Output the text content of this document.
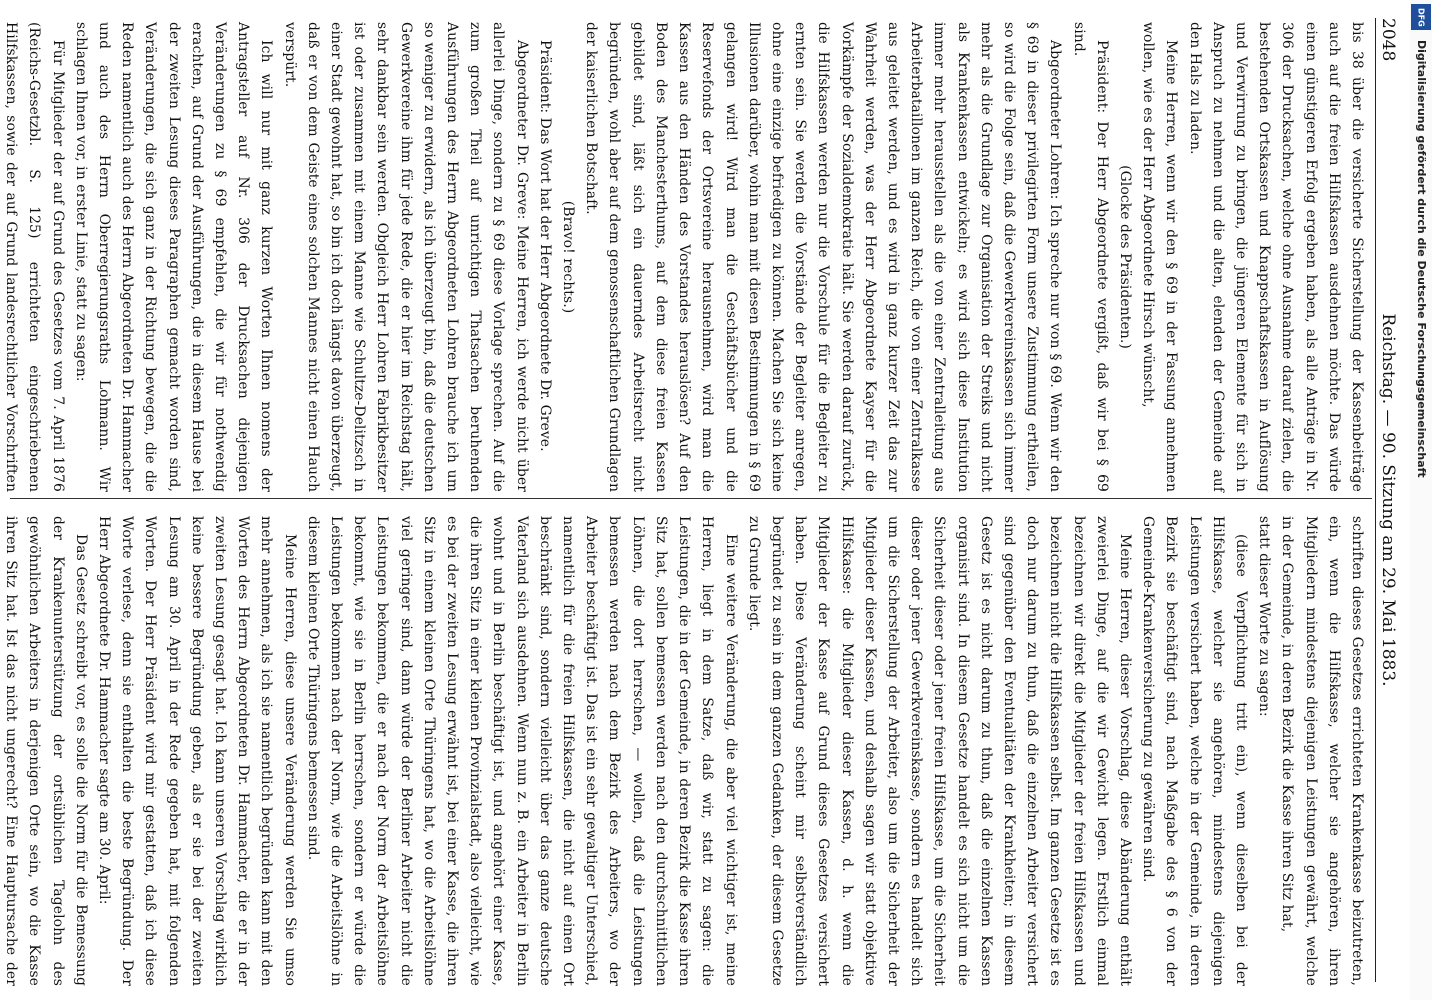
2048
Reichstag. — 90. Sitzung am 29. Mai 1883.

bis 38 über die versicherte Sicherstellung der Kassenbeiträge auch auf die freien Hilfskassen ausdehnen möchte. Das würde einen günstigeren Erfolg ergeben haben, als alle Anträge in Nr. 306 der Drucksachen, welche ohne Ausnahme darauf zielen, die bestehenden Ortskassen und Knappschaftskassen in Auflösung und Verwirrung zu bringen, die jüngeren Elemente für sich in Anspruch zu nehmen und die alten, elenden der Gemeinde auf den Hals zu laden.

Meine Herren, wenn wir den § 69 in der Fassung annehmen wollen, wie es der Herr Abgeordnete Hirsch wünscht,

(Glocke des Präsidenten.)

Präsident: Der Herr Abgeordnete vergißt, daß wir bei § 69 sind.

Abgeordneter Lohren: Ich spreche nur von § 69. Wenn wir den § 69 in dieser privilegirten Form unsere Zustimmung ertheilen, so wird die Folge sein, daß die Gewerkvereinskassen sich immer mehr als die Grundlage zur Organisation der Streiks und nicht als Krankenkassen entwickeln; es wird sich diese Institution immer mehr herausstellen als die von einer Zentralleitung aus Arbeiterbataillonen im ganzen Reich, die von einer Zentralkasse aus geleitet werden, und es wird in ganz kurzer Zeit das zur Wahrheit werden, was der Herr Abgeordnete Kayser für die Vorkämpfe der Sozialdemokratie hält. Sie werden darauf zurück, die Hilfskassen werden nur die Vorschule für die Begleiter zu ernten sein. Sie werden die Vorstände der Begleiter anregen, ohne eine einzige befriedigen zu können. Machen Sie sich keine Illusionen darüber, wohin man mit diesen Bestimmungen in § 69 gelangen wird! Wird man die Geschäftsbücher und die Reservefonds der Ortsvereine herausnehmen, wird man die Kassen aus den Händen des Vorstandes herauslösen? Auf den Boden des Manchesterthums, auf dem diese freien Kassen gebildet sind, läßt sich ein dauerndes Arbeitsrecht nicht begründen, wohl aber auf dem genossenschaftlichen Grundlagen der kaiserlichen Botschaft.

(Bravo! rechts.)

Präsident: Das Wort hat der Herr Abgeordnete Dr. Greve.

Abgeordneter Dr. Greve: Meine Herren, ich werde nicht über allerlei Dinge, sondern zu § 69 diese Vorlage sprechen. Auf die zum großen Theil auf unrichtigen Thatsachen beruhenden Ausführungen des Herrn Abgeordneten Lohren brauche ich um so weniger zu erwidern, als ich überzeugt bin, daß die deutschen Gewerkvereine ihm für jede Rede, die er hier im Reichstag hält, sehr dankbar sein werden. Obgleich Herr Lohren Fabrikbesitzer ist oder zusammen mit einem Manne wie Schultze-Delitzsch in einer Stadt gewohnt hat, so bin ich doch längst davon überzeugt, daß er von dem Geiste eines solchen Mannes nicht einen Hauch verspürt.

Ich will nur mit ganz kurzen Worten Ihnen nomens der Antragsteller auf Nr. 306 der Drucksachen diejenigen Veränderungen zu § 69 empfehlen, die wir für nothwendig erachten, auf Grund der Ausführungen, die in diesem Hause bei der zweiten Lesung dieses Paragraphen gemacht worden sind, Veränderungen, die sich ganz in der Richtung bewegen, die die Reden namentlich auch des Herrn Abgeordneten Dr. Hammacher und auch des Herrn Oberregierungsraths Lohmann. Wir schlagen Ihnen vor, in erster Linie, statt zu sagen:

Für Mitglieder der auf Grund des Gesetzes vom 7. April 1876 (Reichs-Gesetzbl. S. 125) errichteten eingeschriebenen Hilfskassen, sowie der auf Grund landesrechtlicher Vorschriften

schriften dieses Gesetzes errichteten Krankenkasse beizutreten, ein, wenn die Hilfskasse, welcher sie angehören, ihren Mitgliedern mindestens diejenigen Leistungen gewährt, welche in der Gemeinde, in deren Bezirk die Kasse ihren Sitz hat,

statt dieser Worte zu sagen:

(diese Verpflichtung tritt ein), wenn dieselben bei der Hilfskasse, welcher sie angehören, mindestens diejenigen Leistungen versichert haben, welche in der Gemeinde, in deren Bezirk sie beschäftigt sind, nach Maßgabe des § 6 von der Gemeinde-Krankenversicherung zu gewähren sind.

Meine Herren, dieser Vorschlag, diese Abänderung enthält zweierlei Dinge, auf die wir Gewicht legen. Erstlich einmal bezeichnen wir direkt die Mitglieder der freien Hilfskassen und bezeichnen nicht die Hilfskassen selbst. Im ganzen Gesetze ist es doch nur darum zu thun, daß die einzelnen Arbeiter versichert sind gegenüber den Eventualitäten der Krankheiten; in diesem Gesetz ist es nicht darum zu thun, daß die einzelnen Kassen organisirt sind. In diesem Gesetze handelt es sich nicht um die Sicherheit dieser oder jener freien Hilfskasse, um die Sicherheit dieser oder jener Gewerkvereinskasse, sondern es handelt sich um die Sicherstellung der Arbeiter, also um die Sicherheit der Mitglieder dieser Kassen, und deshalb sagen wir statt objektive Hilfskasse: die Mitglieder dieser Kassen, d. h. wenn die Mitglieder der Kasse auf Grund dieses Gesetzes versichert haben. Diese Veränderung scheint mir selbstverständlich begründet zu sein in dem ganzen Gedanken, der diesem Gesetze zu Grunde liegt.

Eine weitere Veränderung, die aber viel wichtiger ist, meine Herren, liegt in dem Satze, daß wir, statt zu sagen: die Leistungen, die in der Gemeinde, in deren Bezirk die Kasse ihren Sitz hat, sollen bemessen werden nach den durchschnittlichen Löhnen, die dort herrschen, — wollen, daß die Leistungen bemessen werden nach dem Bezirk des Arbeiters, wo der Arbeiter beschäftigt ist. Das ist ein sehr gewaltiger Unterschied, namentlich für die freien Hilfskassen, die nicht auf einen Ort beschränkt sind, sondern vielleicht über das ganze deutsche Vaterland sich ausdehnen. Wenn nun z. B. ein Arbeiter in Berlin wohnt und in Berlin beschäftigt ist, und angehört einer Kasse, die ihren Sitz in einer kleinen Provinzialstadt, also vielleicht, wie es bei der zweiten Lesung erwähnt ist, bei einer Kasse, die ihren Sitz in einem kleinen Orte Thüringens hat, wo die Arbeitslöhne viel geringer sind, dann würde der Berliner Arbeiter nicht die Leistungen bekommen, die er nach der Norm der Arbeitslöhne bekommt, wie sie in Berlin herrschen, sondern er würde die Leistungen bekommen nach der Norm, wie die Arbeitslöhne in diesem kleinen Orte Thüringens bemessen sind.

Meine Herren, diese unsere Veränderung werden Sie umso mehr annehmen, als ich sie namentlich begründen kann mit den Worten des Herrn Abgeordneten Dr. Hammacher, die er in der zweiten Lesung gesagt hat. Ich kann unseren Vorschlag wirklich keine bessere Begründung geben, als er sie bei der zweiten Lesung am 30. April in der Rede gegeben hat, mit folgenden Worten. Der Herr Präsident wird mir gestatten, daß ich diese Worte verlese, denn sie enthalten die beste Begründung. Der Herr Abgeordnete Dr. Hammacher sagte am 30. April:

Das Gesetz schreibt vor, es solle die Norm für die Bemessung der Krankenunterstützung der ortsüblichen Tagelohn des gewöhnlichen Arbeiters in derjenigen Orte sein, wo die Kasse ihren Sitz hat. Ist das nicht ungerecht? Eine Hauptursache der

Digitalisierung gefördert durch die Deutsche Forschungsgemeinschaft
DFG
